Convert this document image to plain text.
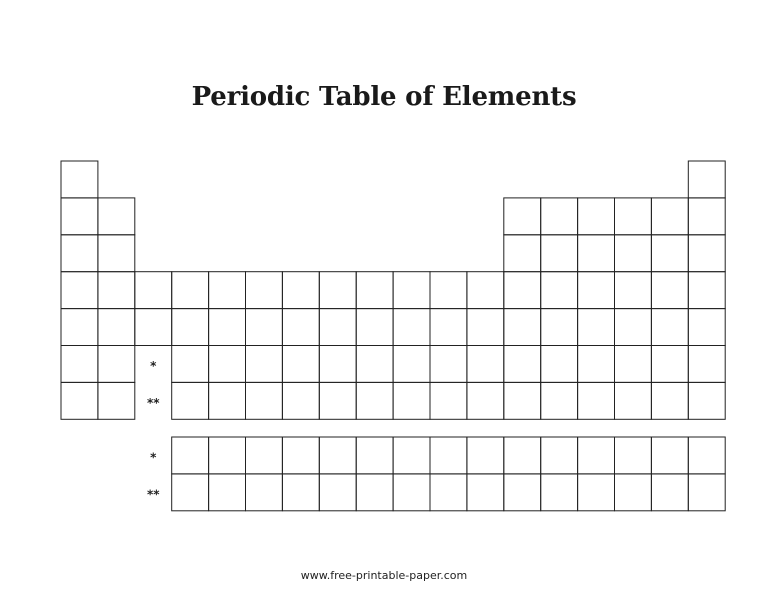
Periodic Table of Elements
*
**
*
**
www.free-printable-paper.com
